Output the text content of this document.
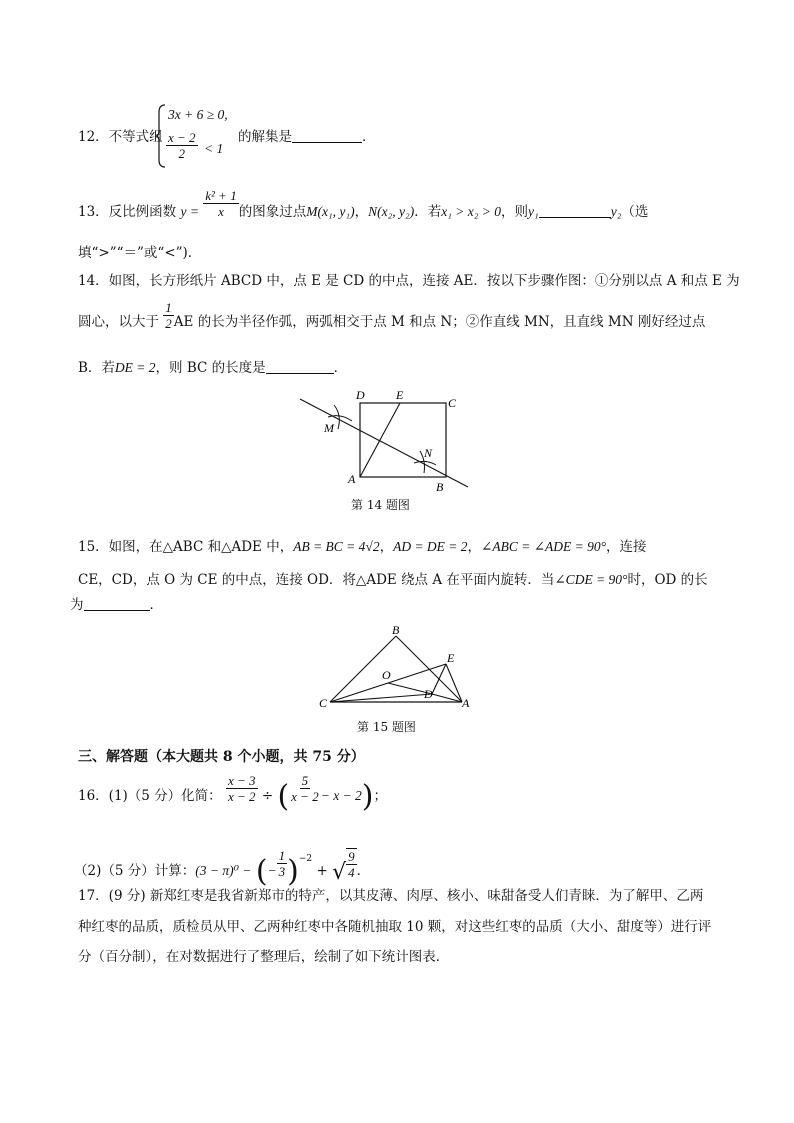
12．不等式组
3x + 6 ≥ 0,
$\frac{x - 2}{2} < 1$
的解集是	．
13．反比例函数 $y = \frac{\text{k² + 1}}{x}$ 的图象过点M(x₁, y₁)，N(x₂, y₂)．若x₁ > x₂ > 0，则y₁	y₂（选
填“>”“＝”或“<”)．
14．如图，长方形纸片 ABCD 中，点 E 是 CD 的中点，连接 AE．按以下步骤作图：①分别以点 A 和点 E 为
圆心，以大于 $\frac{1}{2}$ AE 的长为半径作弧，两弧相交于点 M 和点 N；②作直线 MN，且直线 MN 刚好经过点
B．若DE = 2，则 BC 的长度是	．
D	E
C
M
N
A
B
第 14 题图
15．如图，在△ABC 和△ADE 中，AB = BC = 4√2，AD = DE = 2，∠ABC = ∠ADE = 90°，连接
CE，CD，点 O 为 CE 的中点，连接 OD．将△ADE 绕点 A 在平面内旋转．当∠CDE = 90°时，OD 的长
为	．
B
E
O
D
C	A
第 15 题图
三、解答题（本大题共 8 个小题，共 75 分）
16．(1)（5 分）化简： $\frac{x - 3}{x - 2}$ ÷ ( $\frac{5}{x - 2} - x - 2$)；
（2)（5 分）计算：(3 − π)⁰ − (− $\frac{1}{3} )^{-2}$ + √ $\frac{9}{4}$ ．
17．(9 分) 新郑红枣是我省新郑市的特产，以其皮薄、肉厚、核小、味甜备受人们青睐．为了解甲、乙两
种红枣的品质，质检员从甲、乙两种红枣中各随机抽取 10 颗，对这些红枣的品质（大小、甜度等）进行评
分（百分制），在对数据进行了整理后，绘制了如下统计图表．
